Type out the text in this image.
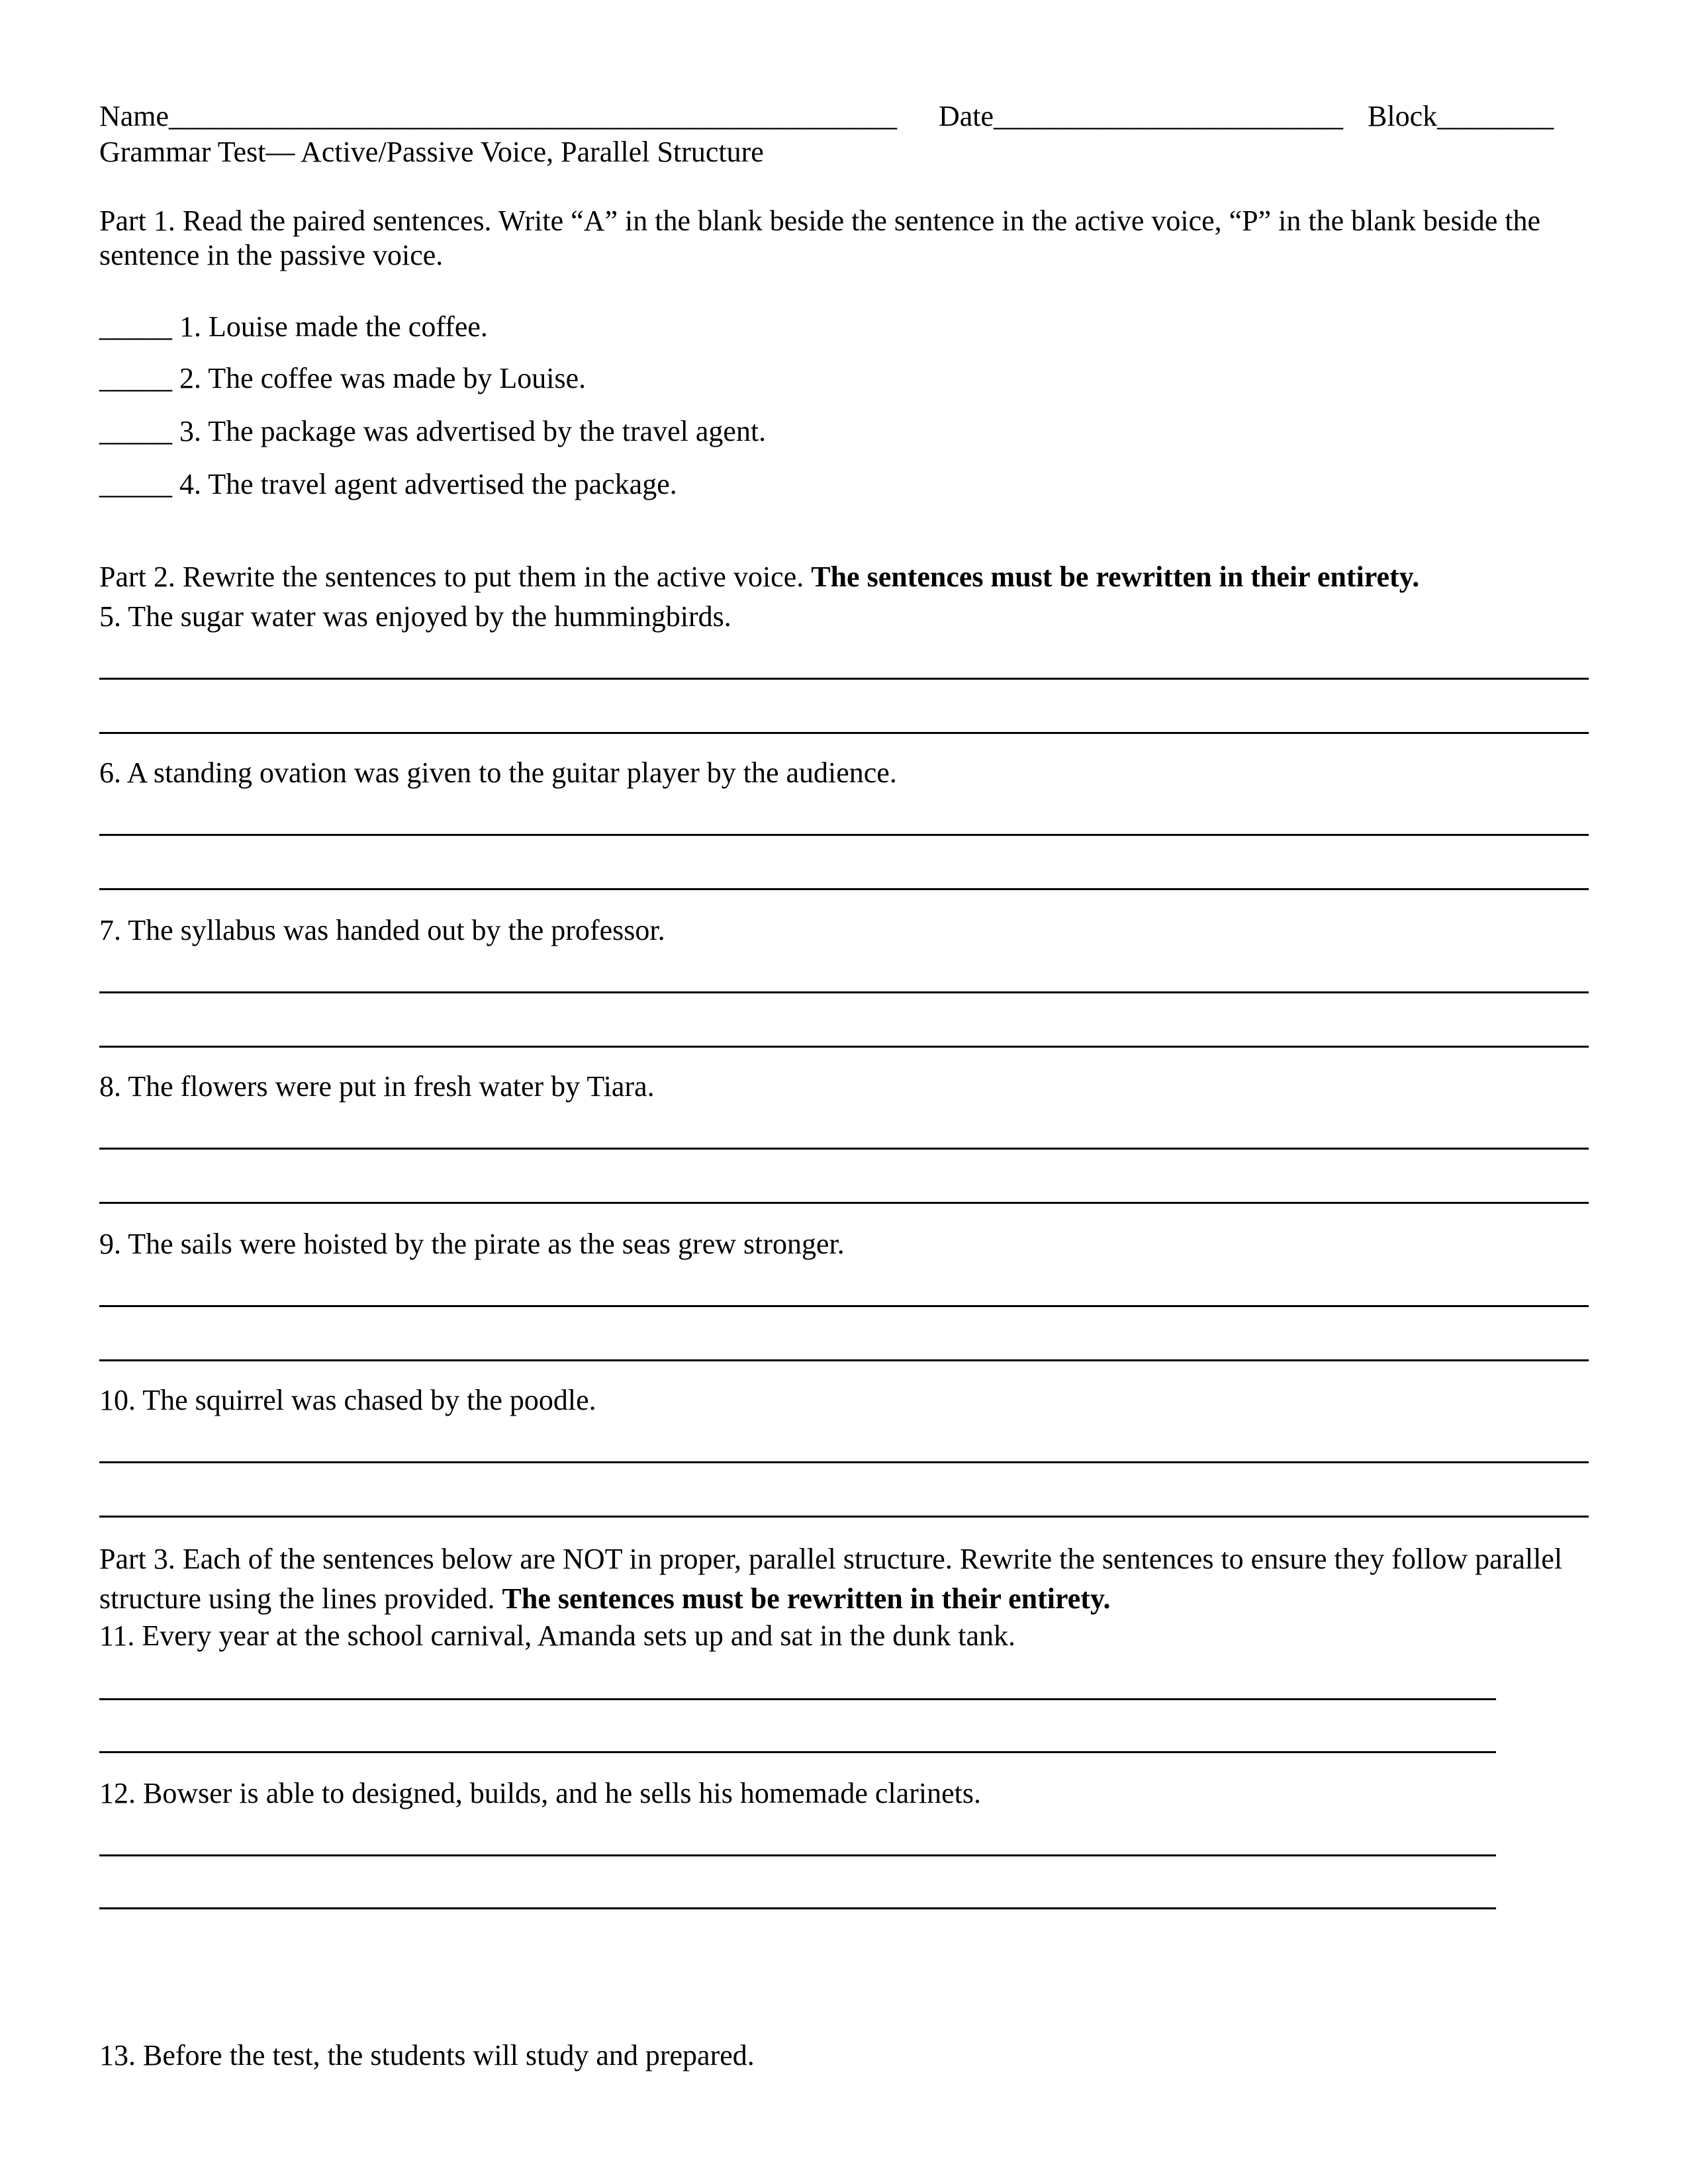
Name__________________________________________________ Date________________________ Block________
Grammar Test— Active/Passive Voice, Parallel Structure
Part 1. Read the paired sentences. Write “A” in the blank beside the sentence in the active voice, “P” in the blank beside the sentence in the passive voice.
_____ 1. Louise made the coffee.
_____ 2. The coffee was made by Louise.
_____ 3. The package was advertised by the travel agent.
_____ 4. The travel agent advertised the package.
Part 2. Rewrite the sentences to put them in the active voice. The sentences must be rewritten in their entirety.
5. The sugar water was enjoyed by the hummingbirds.
6. A standing ovation was given to the guitar player by the audience.
7. The syllabus was handed out by the professor.
8. The flowers were put in fresh water by Tiara.
9. The sails were hoisted by the pirate as the seas grew stronger.
10. The squirrel was chased by the poodle.
Part 3. Each of the sentences below are NOT in proper, parallel structure. Rewrite the sentences to ensure they follow parallel structure using the lines provided. The sentences must be rewritten in their entirety.
11. Every year at the school carnival, Amanda sets up and sat in the dunk tank.
12. Bowser is able to designed, builds, and he sells his homemade clarinets.
13. Before the test, the students will study and prepared.
